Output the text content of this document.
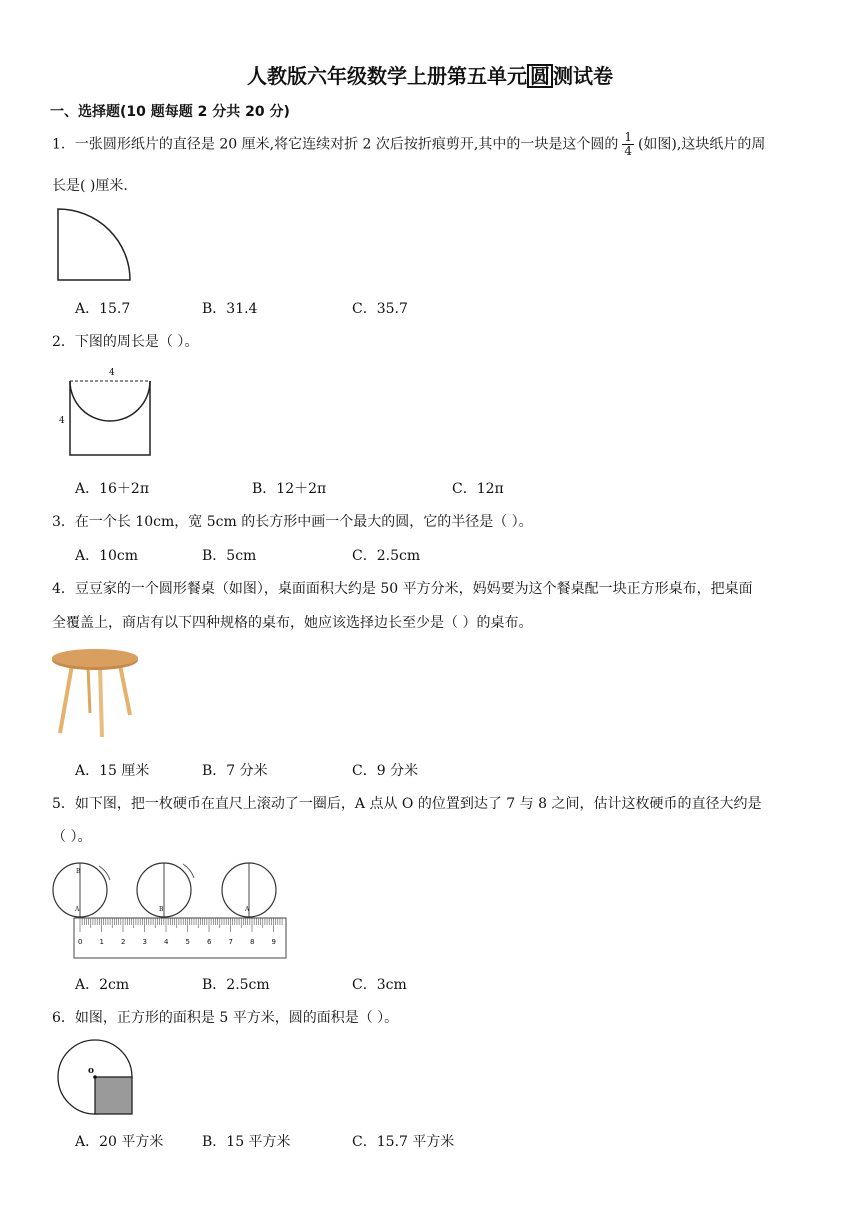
人教版六年级数学上册第五单元 圆 测试卷
一、选择题(10 题每题 2 分共 20 分)
1．一张圆形纸片的直径是 20 厘米,将它连续对折 2 次后按折痕剪开,其中的一块是这个圆的 $\frac{1}{4}$ (如图),这块纸片的周
长是( )厘米.
A．15.7	B．31.4	C．35.7
2．下图的周长是（ ）。
4
4
A．16＋2π	B．12＋2π	C．12π
3．在一个长 10cm，宽 5cm 的长方形中画一个最大的圆，它的半径是（ ）。
A．10cm	B．5cm	C．2.5cm
4．豆豆家的一个圆形餐桌（如图），桌面面积大约是 50 平方分米，妈妈要为这个餐桌配一块正方形桌布，把桌面
全覆盖上，商店有以下四种规格的桌布，她应该选择边长至少是（ ）的桌布。
A．15 厘米	B．7 分米	C．9 分米
5．如下图，把一枚硬币在直尺上滚动了一圈后，A 点从 O 的位置到达了 7 与 8 之间，估计这枚硬币的直径大约是
（ ）。
B
A	A
B
0 1 2 3 4 5 6 7 8 9
A．2cm	B．2.5cm	C．3cm
6．如图，正方形的面积是 5 平方米，圆的面积是（ ）。
o
A．20 平方米	B．15 平方米	C．15.7 平方米
